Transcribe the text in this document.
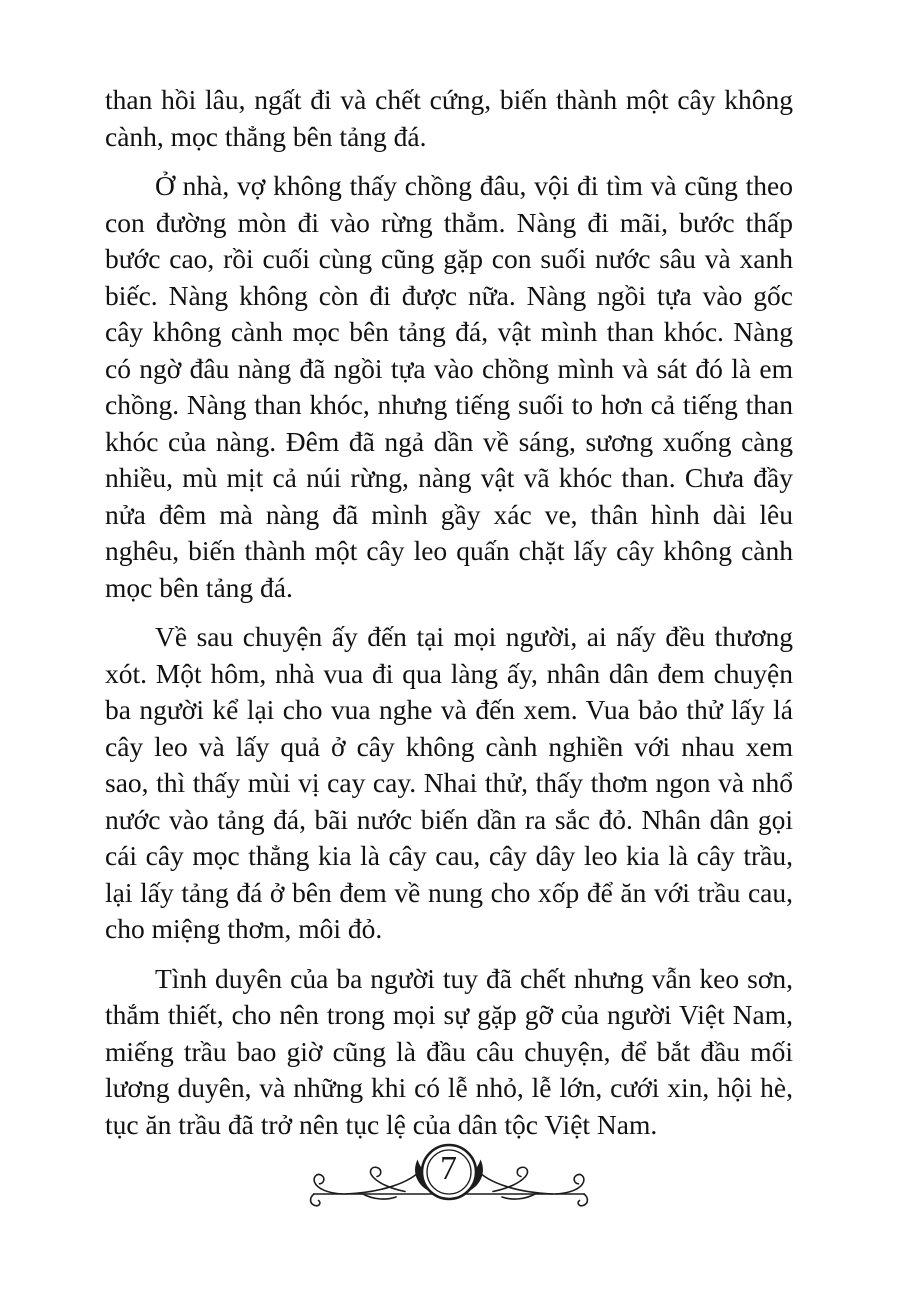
than hồi lâu, ngất đi và chết cứng, biến thành một cây không cành, mọc thẳng bên tảng đá.

Ở nhà, vợ không thấy chồng đâu, vội đi tìm và cũng theo con đường mòn đi vào rừng thẳm. Nàng đi mãi, bước thấp bước cao, rồi cuối cùng cũng gặp con suối nước sâu và xanh biếc. Nàng không còn đi được nữa. Nàng ngồi tựa vào gốc cây không cành mọc bên tảng đá, vật mình than khóc. Nàng có ngờ đâu nàng đã ngồi tựa vào chồng mình và sát đó là em chồng. Nàng than khóc, nhưng tiếng suối to hơn cả tiếng than khóc của nàng. Đêm đã ngả dần về sáng, sương xuống càng nhiều, mù mịt cả núi rừng, nàng vật vã khóc than. Chưa đầy nửa đêm mà nàng đã mình gầy xác ve, thân hình dài lêu nghêu, biến thành một cây leo quấn chặt lấy cây không cành mọc bên tảng đá.

Về sau chuyện ấy đến tại mọi người, ai nấy đều thương xót. Một hôm, nhà vua đi qua làng ấy, nhân dân đem chuyện ba người kể lại cho vua nghe và đến xem. Vua bảo thử lấy lá cây leo và lấy quả ở cây không cành nghiền với nhau xem sao, thì thấy mùi vị cay cay. Nhai thử, thấy thơm ngon và nhổ nước vào tảng đá, bãi nước biến dần ra sắc đỏ. Nhân dân gọi cái cây mọc thẳng kia là cây cau, cây dây leo kia là cây trầu, lại lấy tảng đá ở bên đem về nung cho xốp để ăn với trầu cau, cho miệng thơm, môi đỏ.

Tình duyên của ba người tuy đã chết nhưng vẫn keo sơn, thắm thiết, cho nên trong mọi sự gặp gỡ của người Việt Nam, miếng trầu bao giờ cũng là đầu câu chuyện, để bắt đầu mối lương duyên, và những khi có lễ nhỏ, lễ lớn, cưới xin, hội hè, tục ăn trầu đã trở nên tục lệ của dân tộc Việt Nam.

7
